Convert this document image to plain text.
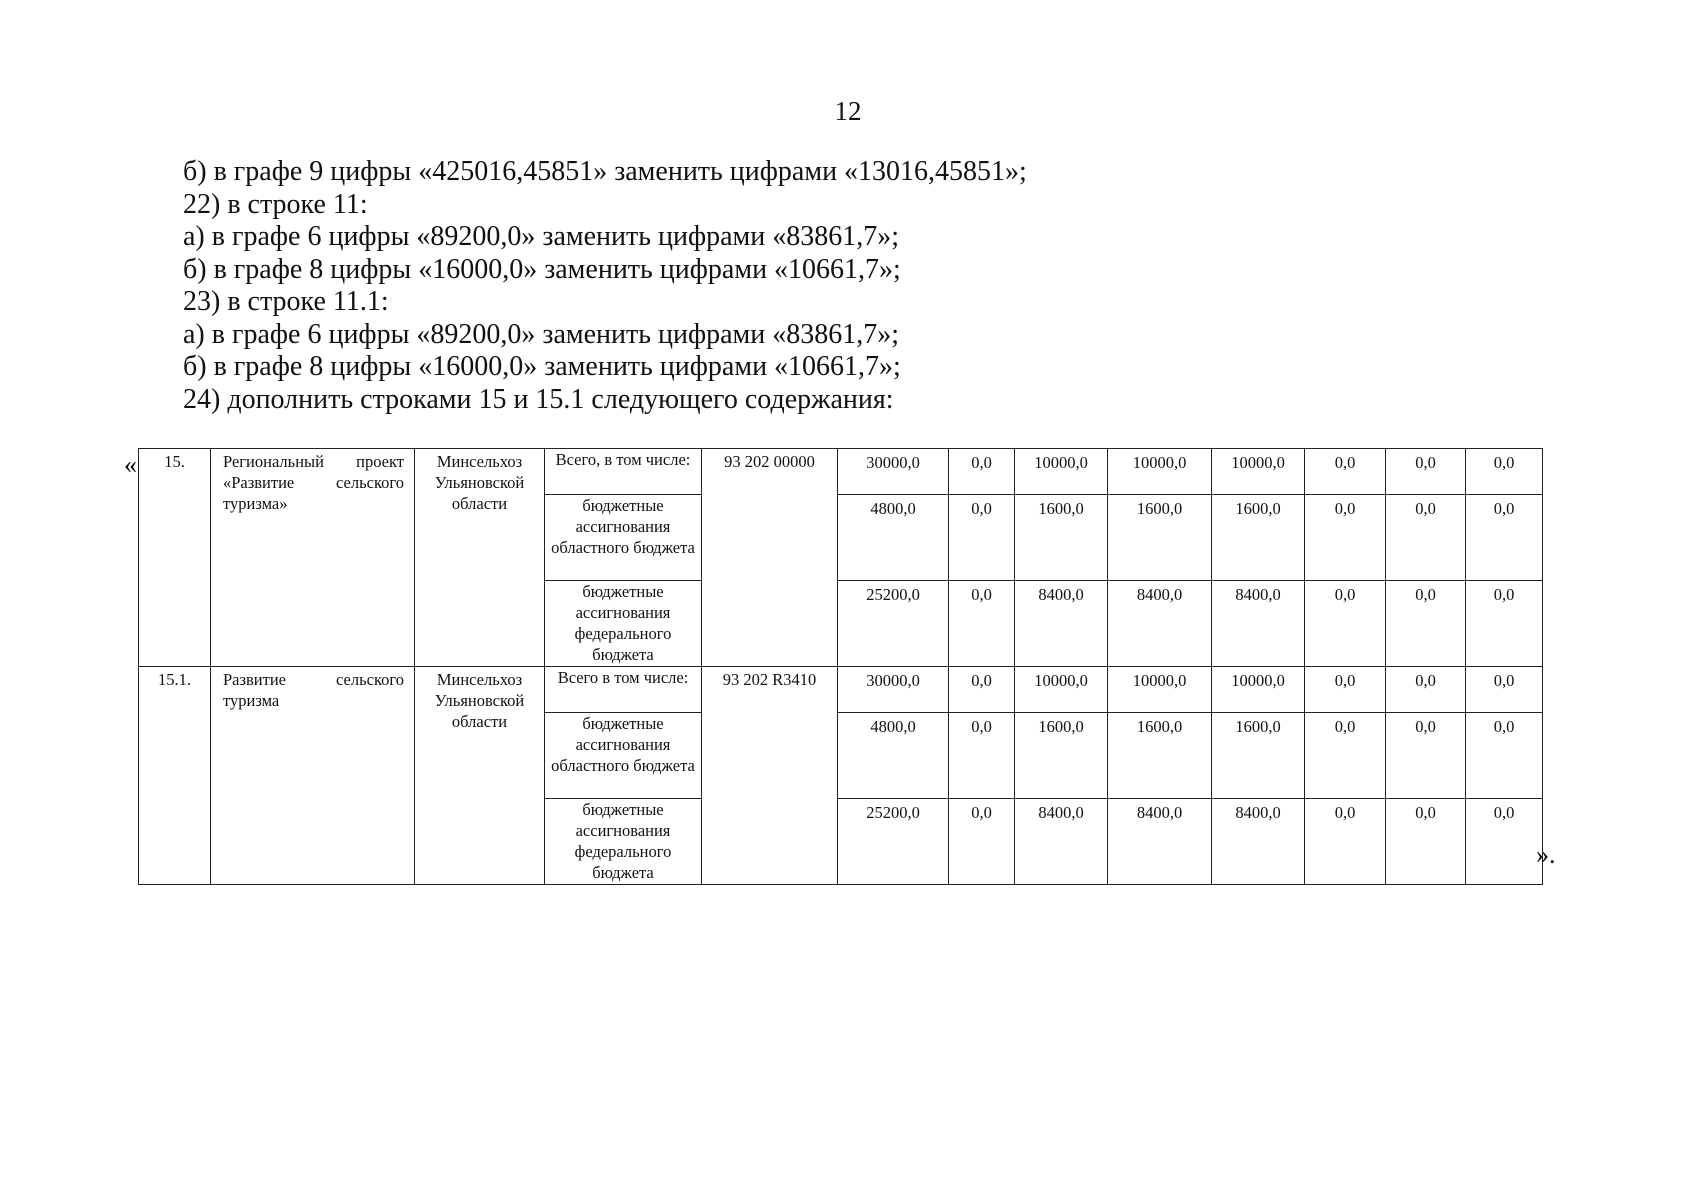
12
б) в графе 9 цифры «425016,45851» заменить цифрами «13016,45851»;
22) в строке 11:
а) в графе 6 цифры «89200,0» заменить цифрами «83861,7»;
б) в графе 8 цифры «16000,0» заменить цифрами «10661,7»;
23) в строке 11.1:
а) в графе 6 цифры «89200,0» заменить цифрами «83861,7»;
б) в графе 8 цифры «16000,0» заменить цифрами «10661,7»;
24) дополнить строками 15 и 15.1 следующего содержания:
« 15.	Региональный проект «Развитие сельского туризма»	Минсельхоз Ульяновской области	Всего, в том числе:	93 202 00000	30000,0	0,0	10000,0	10000,0	10000,0	0,0	0,0	0,0
			бюджетные ассигнования областного бюджета		4800,0	0,0	1600,0	1600,0	1600,0	0,0	0,0	0,0
			бюджетные ассигнования федерального бюджета		25200,0	0,0	8400,0	8400,0	8400,0	0,0	0,0	0,0
15.1.	Развитие сельского туризма	Минсельхоз Ульяновской области	Всего в том числе:	93 202 R3410	30000,0	0,0	10000,0	10000,0	10000,0	0,0	0,0	0,0
			бюджетные ассигнования областного бюджета		4800,0	0,0	1600,0	1600,0	1600,0	0,0	0,0	0,0
			бюджетные ассигнования федерального бюджета		25200,0	0,0	8400,0	8400,0	8400,0	0,0	0,0	0,0
».
